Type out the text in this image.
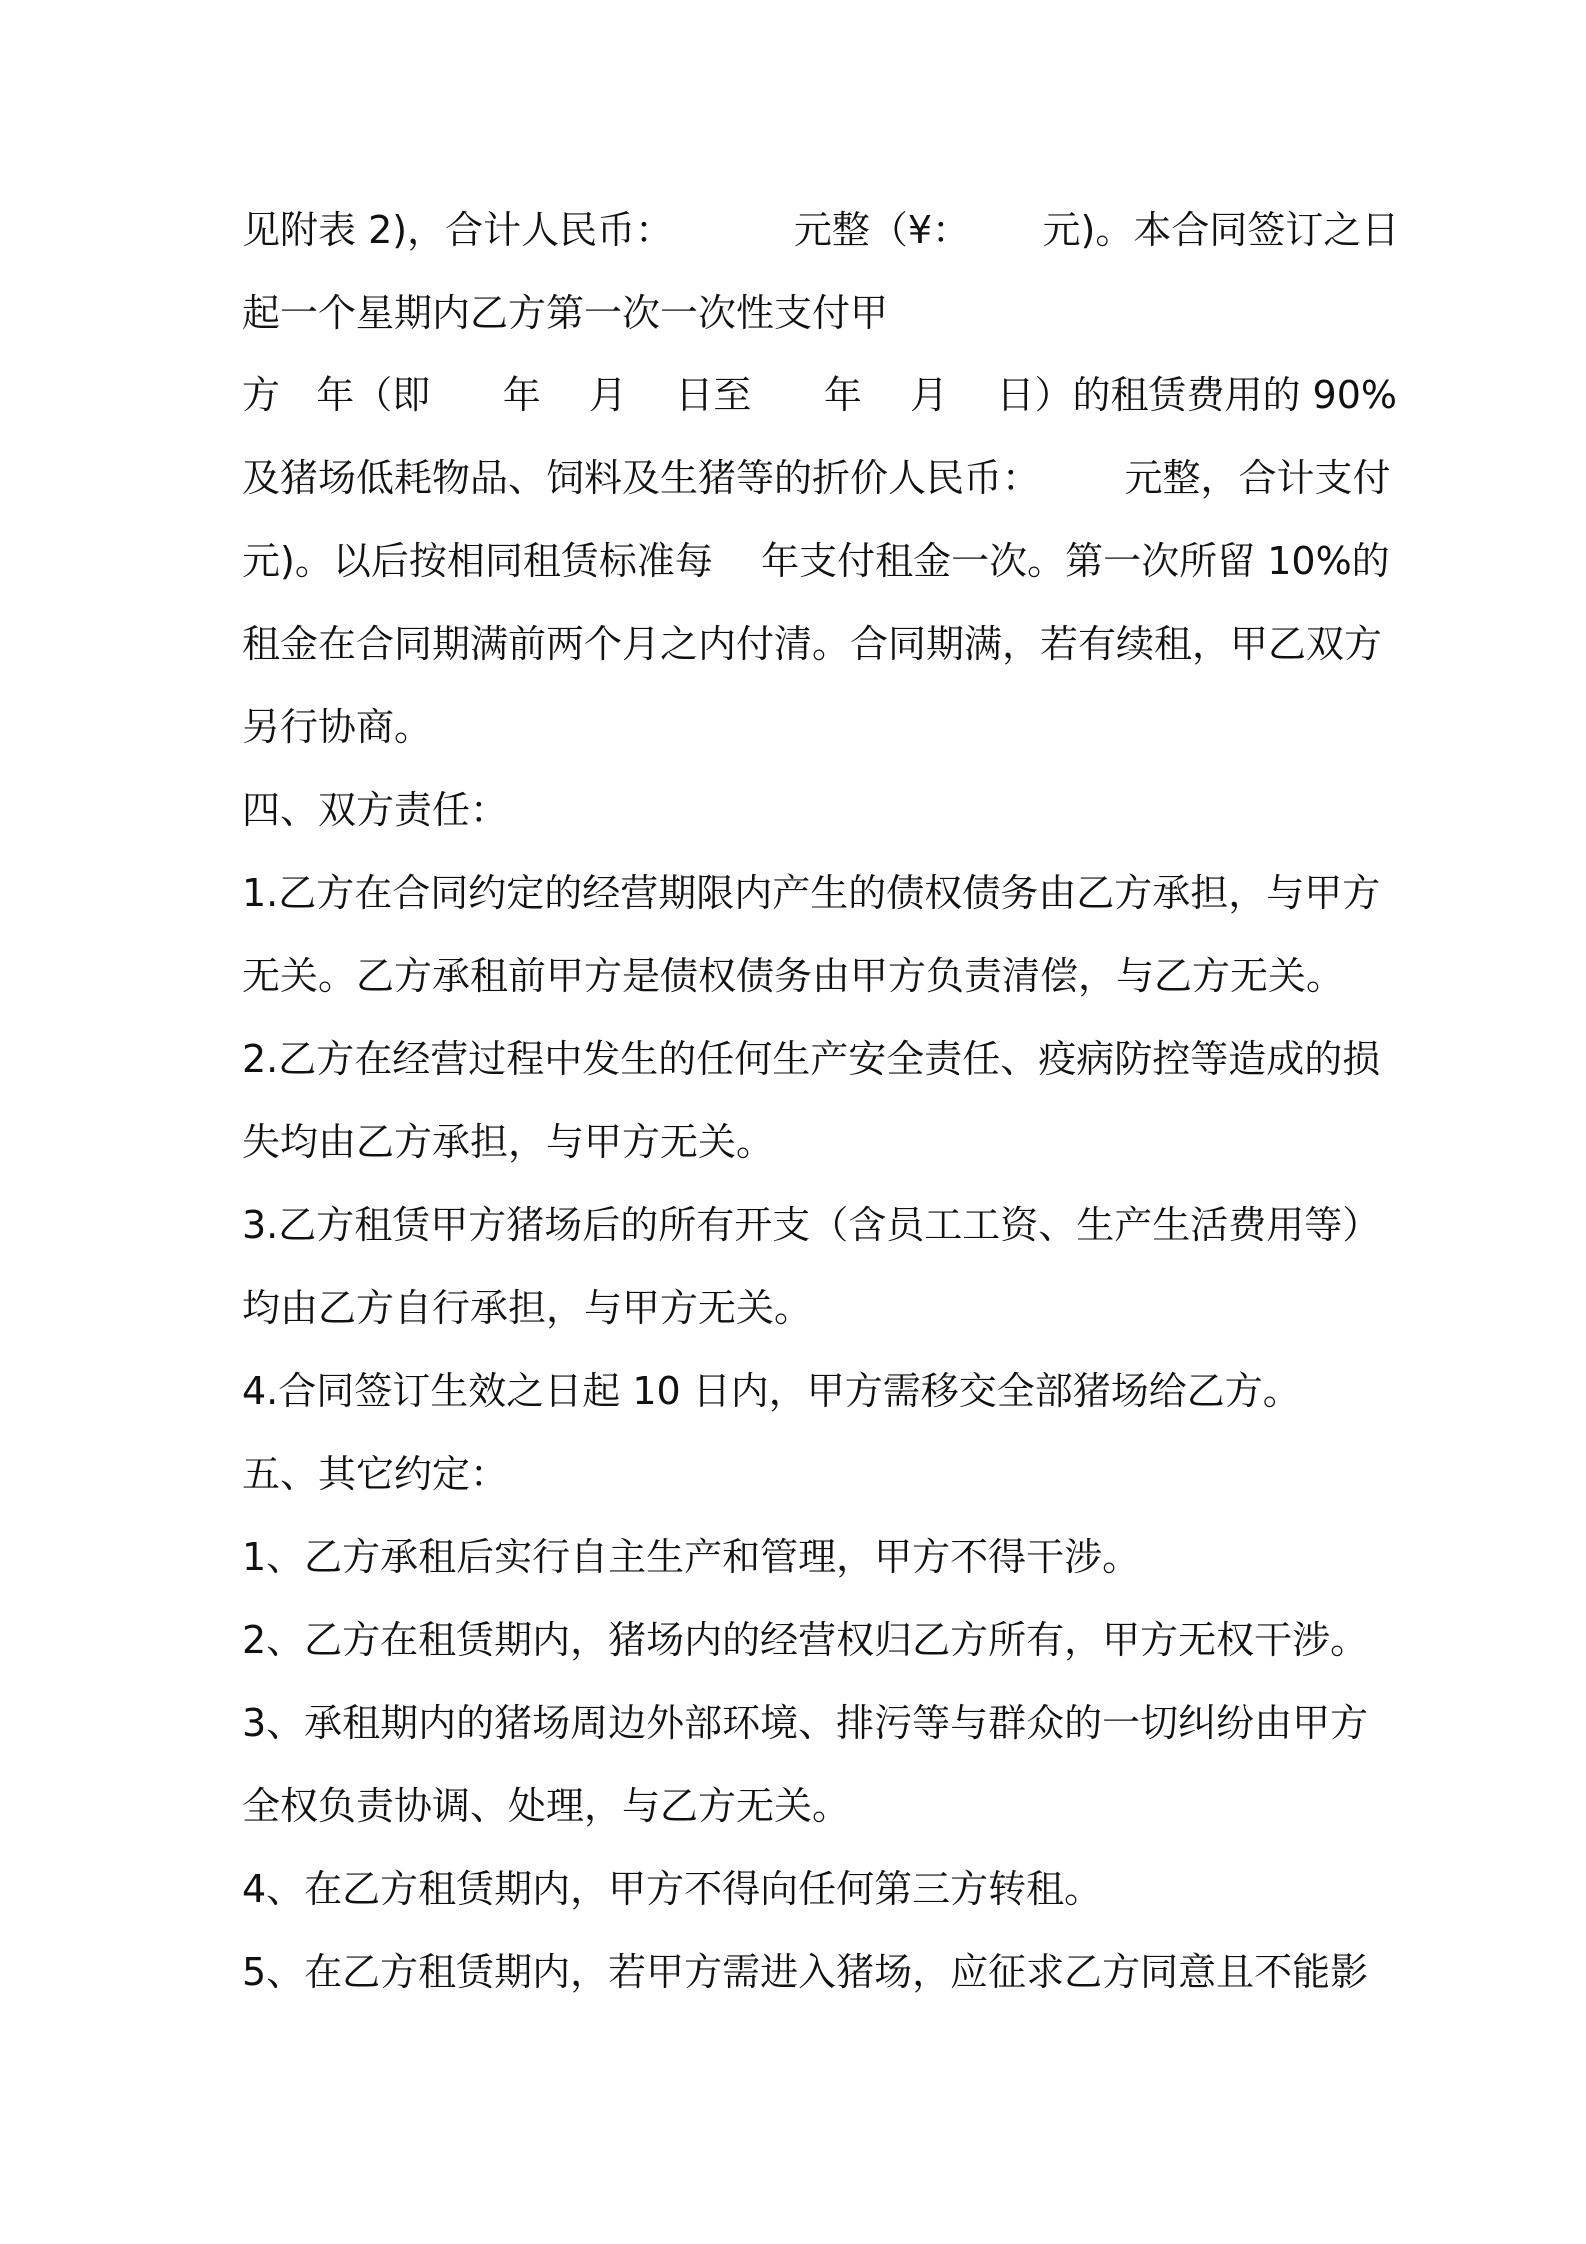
见附表 2)，合计人民币：          元整（¥：      元)。本合同签订之日
起一个星期内乙方第一次一次性支付甲
方   年（即      年    月    日至      年    月    日）的租赁费用的 90%
及猪场低耗物品、饲料及生猪等的折价人民币：       元整，合计支付
元)。以后按相同租赁标准每    年支付租金一次。第一次所留 10%的
租金在合同期满前两个月之内付清。合同期满，若有续租，甲乙双方
另行协商。
四、双方责任：
1.乙方在合同约定的经营期限内产生的债权债务由乙方承担，与甲方
无关。乙方承租前甲方是债权债务由甲方负责清偿，与乙方无关。
2.乙方在经营过程中发生的任何生产安全责任、疫病防控等造成的损
失均由乙方承担，与甲方无关。
3.乙方租赁甲方猪场后的所有开支（含员工工资、生产生活费用等）
均由乙方自行承担，与甲方无关。
4.合同签订生效之日起 10 日内，甲方需移交全部猪场给乙方。
五、其它约定：
1、乙方承租后实行自主生产和管理，甲方不得干涉。
2、乙方在租赁期内，猪场内的经营权归乙方所有，甲方无权干涉。
3、承租期内的猪场周边外部环境、排污等与群众的一切纠纷由甲方
全权负责协调、处理，与乙方无关。
4、在乙方租赁期内，甲方不得向任何第三方转租。
5、在乙方租赁期内，若甲方需进入猪场，应征求乙方同意且不能影
